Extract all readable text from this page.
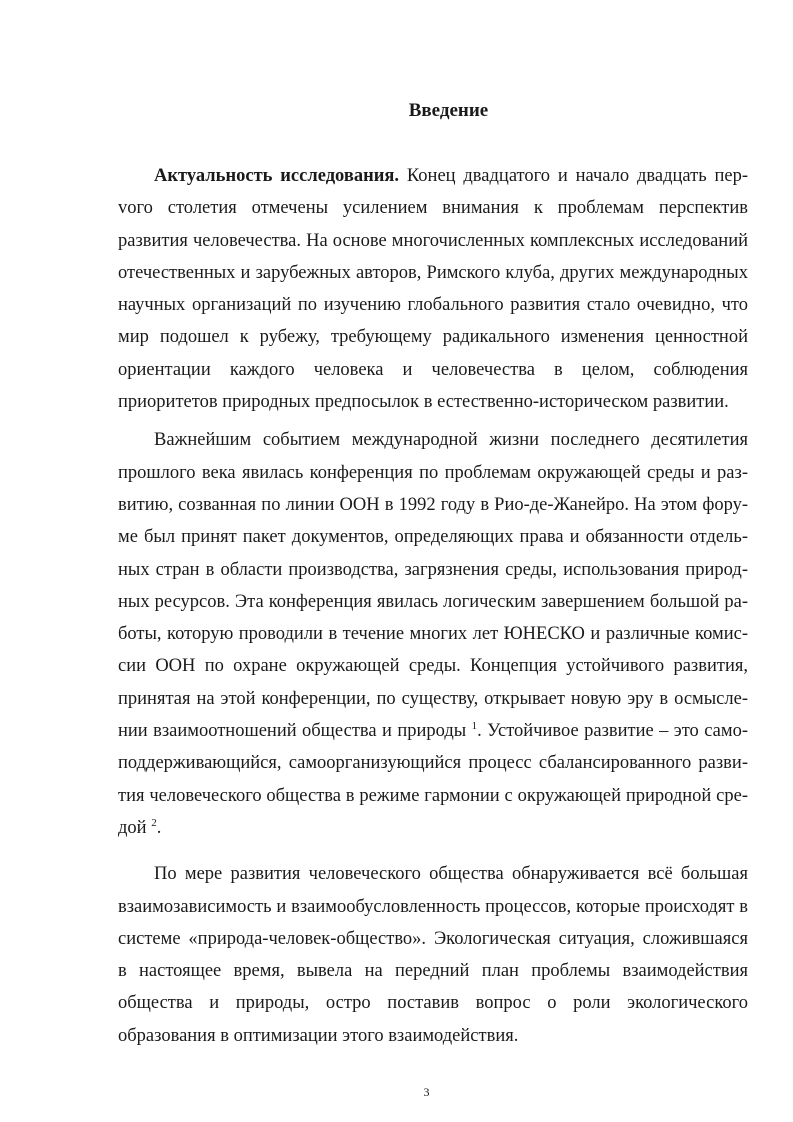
Введение

Актуальность исследования. Конец двадцатого и начало двадцать перvого столетия отмечены усилением внимания к проблемам перспектив развития человечества. На основе многочисленных комплексных исследований отечественных и зарубежных авторов, Римского клуба, других международных научных организаций по изучению глобального развития стало очевидно, что мир подошел к рубежу, требующему радикального изменения ценностной ориентации каждого человека и человечества в целом, соблюдения приоритетов природных предпосылок в естественно-историческом развитии.

Важнейшим событием международной жизни последнего десятилетия прошлого века явилась конференция по проблемам окружающей среды и развитию, созванная по линии ООН в 1992 году в Рио-де-Жанейро. На этом форуме был принят пакет документов, определяющих права и обязанности отдельных стран в области производства, загрязнения среды, использования природных ресурсов. Эта конференция явилась логическим завершением большой работы, которую проводили в течение многих лет ЮНЕСКО и различные комиссии ООН по охране окружающей среды. Концепция устойчивого развития, принятая на этой конференции, по существу, открывает новую эру в осмыслении взаимоотношений общества и природы $^1$. Устойчивое развитие – это самоподдерживающийся, самоорганизующийся процесс сбалансированного развития человеческого общества в режиме гармонии с окружающей природной средой $^2$.

По мере развития человеческого общества обнаруживается всё большая взаимозависимость и взаимообусловленность процессов, которые происходят в системе «природа-человек-общество». Экологическая ситуация, сложившаяся в настоящее время, вывела на передний план проблемы взаимодействия общества и природы, остро поставив вопрос о роли экологического образования в оптимизации этого взаимодействия.

3
